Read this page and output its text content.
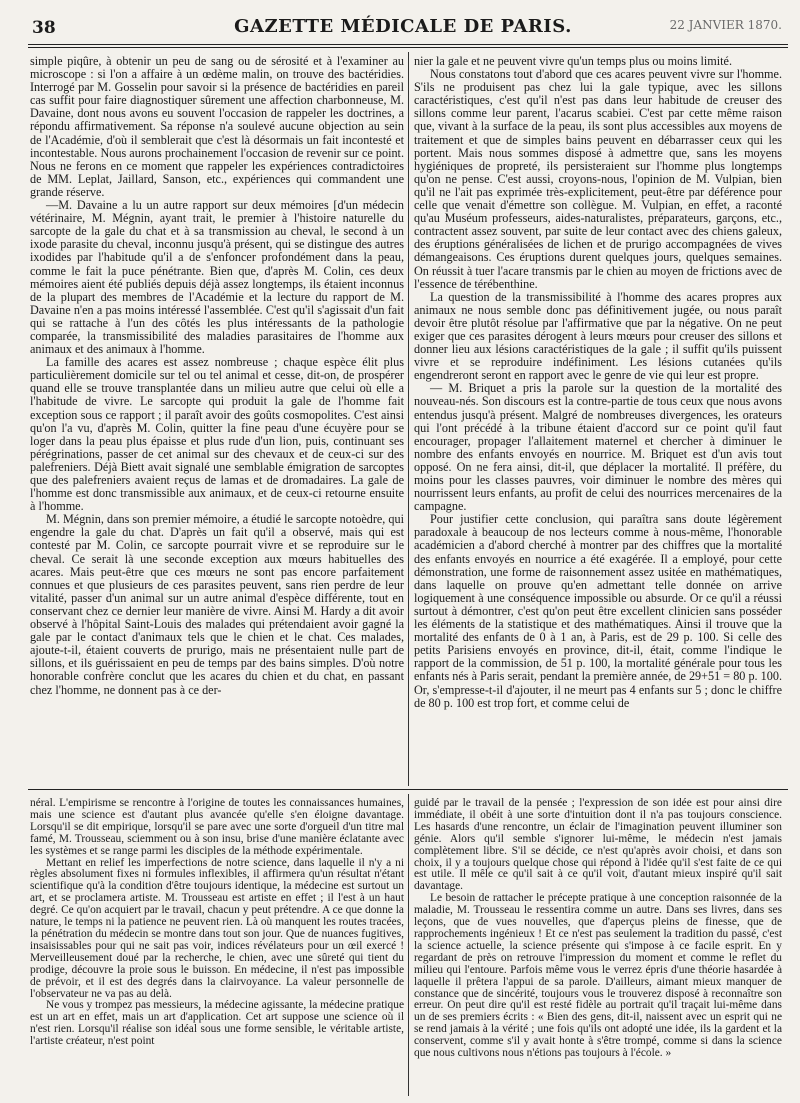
38	GAZETTE MÉDICALE DE PARIS.	22 JANVIER 1870.

simple piqûre, à obtenir un peu de sang ou de sérosité et à l'examiner au microscope : si l'on a affaire à un œdème malin, on trouve des bactéridies. Interrogé par M. Gosselin pour savoir si la présence de bactéridies en pareil cas suffit pour faire diagnostiquer sûrement une affection charbonneuse, M. Davaine, dont nous avons eu souvent l'occasion de rappeler les doctrines, a répondu affirmativement. Sa réponse n'a soulevé aucune objection au sein de l'Académie, d'où il semblerait que c'est là désormais un fait incontesté et incontestable. Nous aurons prochainement l'occasion de revenir sur ce point. Nous ne ferons en ce moment que rappeler les expériences contradictoires de MM. Leplat, Jaillard, Sanson, etc., expériences qui commandent une grande réserve.

—M. Davaine a lu un autre rapport sur deux mémoires [d'un médecin vétérinaire, M. Mégnin, ayant trait, le premier à l'histoire naturelle du sarcopte de la gale du chat et à sa transmission au cheval, le second à un ixode parasite du cheval, inconnu jusqu'à présent, qui se distingue des autres ixodides par l'habitude qu'il a de s'enfoncer profondément dans la peau, comme le fait la puce pénétrante. Bien que, d'après M. Colin, ces deux mémoires aient été publiés depuis déjà assez longtemps, ils étaient inconnus de la plupart des membres de l'Académie et la lecture du rapport de M. Davaine n'en a pas moins intéressé l'assemblée. C'est qu'il s'agissait d'un fait qui se rattache à l'un des côtés les plus intéressants de la pathologie comparée, la transmissibilité des maladies parasitaires de l'homme aux animaux et des animaux à l'homme.

La famille des acares est assez nombreuse ; chaque espèce élit plus particulièrement domicile sur tel ou tel animal et cesse, dit-on, de prospérer quand elle se trouve transplantée dans un milieu autre que celui où elle a l'habitude de vivre. Le sarcopte qui produit la gale de l'homme fait exception sous ce rapport ; il paraît avoir des goûts cosmopolites. C'est ainsi qu'on l'a vu, d'après M. Colin, quitter la fine peau d'une écuyère pour se loger dans la peau plus épaisse et plus rude d'un lion, puis, continuant ses pérégrinations, passer de cet animal sur des chevaux et de ceux-ci sur des palefreniers. Déjà Biett avait signalé une semblable émigration de sarcoptes que des palefreniers avaient reçus de lamas et de dromadaires. La gale de l'homme est donc transmissible aux animaux, et de ceux-ci retourne ensuite à l'homme.

M. Mégnin, dans son premier mémoire, a étudié le sarcopte notoèdre, qui engendre la gale du chat. D'après un fait qu'il a observé, mais qui est contesté par M. Colin, ce sarcopte pourrait vivre et se reproduire sur le cheval. Ce serait là une seconde exception aux mœurs habituelles des acares. Mais peut-être que ces mœurs ne sont pas encore parfaitement connues et que plusieurs de ces parasites peuvent, sans rien perdre de leur vitalité, passer d'un animal sur un autre animal d'espèce différente, tout en conservant chez ce dernier leur manière de vivre. Ainsi M. Hardy a dit avoir observé à l'hôpital Saint-Louis des malades qui prétendaient avoir gagné la gale par le contact d'animaux tels que le chien et le chat. Ces malades, ajoute-t-il, étaient couverts de prurigo, mais ne présentaient nulle part de sillons, et ils guérissaient en peu de temps par des bains simples. D'où notre honorable confrère conclut que les acares du chien et du chat, en passant chez l'homme, ne donnent pas à ce der-

nier la gale et ne peuvent vivre qu'un temps plus ou moins limité.

Nous constatons tout d'abord que ces acares peuvent vivre sur l'homme. S'ils ne produisent pas chez lui la gale typique, avec les sillons caractéristiques, c'est qu'il n'est pas dans leur habitude de creuser des sillons comme leur parent, l'acarus scabiei. C'est par cette même raison que, vivant à la surface de la peau, ils sont plus accessibles aux moyens de traitement et que de simples bains peuvent en débarrasser ceux qui les portent. Mais nous sommes disposé à admettre que, sans les moyens hygiéniques de propreté, ils persisteraient sur l'homme plus longtemps qu'on ne pense. C'est aussi, croyons-nous, l'opinion de M. Vulpian, bien qu'il ne l'ait pas exprimée très-explicitement, peut-être par déférence pour celle que venait d'émettre son collègue. M. Vulpian, en effet, a raconté qu'au Muséum professeurs, aides-naturalistes, préparateurs, garçons, etc., contractent assez souvent, par suite de leur contact avec des chiens galeux, des éruptions généralisées de lichen et de prurigo accompagnées de vives démangeaisons. Ces éruptions durent quelques jours, quelques semaines. On réussit à tuer l'acare transmis par le chien au moyen de frictions avec de l'essence de térébenthine.

La question de la transmissibilité à l'homme des acares propres aux animaux ne nous semble donc pas définitivement jugée, ou nous paraît devoir être plutôt résolue par l'affirmative que par la négative. On ne peut exiger que ces parasites dérogent à leurs mœurs pour creuser des sillons et donner lieu aux lésions caractéristiques de la gale ; il suffit qu'ils puissent vivre et se reproduire indéfiniment. Les lésions cutanées qu'ils engendreront seront en rapport avec le genre de vie qui leur est propre.

— M. Briquet a pris la parole sur la question de la mortalité des nouveau-nés. Son discours est la contre-partie de tous ceux que nous avons entendus jusqu'à présent. Malgré de nombreuses divergences, les orateurs qui l'ont précédé à la tribune étaient d'accord sur ce point qu'il faut encourager, propager l'allaitement maternel et chercher à diminuer le nombre des enfants envoyés en nourrice. M. Briquet est d'un avis tout opposé. On ne fera ainsi, dit-il, que déplacer la mortalité. Il préfère, du moins pour les classes pauvres, voir diminuer le nombre des mères qui nourrissent leurs enfants, au profit de celui des nourrices mercenaires de la campagne.

Pour justifier cette conclusion, qui paraîtra sans doute légèrement paradoxale à beaucoup de nos lecteurs comme à nous-même, l'honorable académicien a d'abord cherché à montrer par des chiffres que la mortalité des enfants envoyés en nourrice a été exagérée. Il a employé, pour cette démonstration, une forme de raisonnement assez usitée en mathématiques, dans laquelle on prouve qu'en admettant telle donnée on arrive logiquement à une conséquence impossible ou absurde. Or ce qu'il a réussi surtout à démontrer, c'est qu'on peut être excellent clinicien sans posséder les éléments de la statistique et des mathématiques. Ainsi il trouve que la mortalité des enfants de 0 à 1 an, à Paris, est de 29 p. 100. Si celle des petits Parisiens envoyés en province, dit-il, était, comme l'indique le rapport de la commission, de 51 p. 100, la mortalité générale pour tous les enfants nés à Paris serait, pendant la première année, de 29+51 = 80 p. 100. Or, s'empresse-t-il d'ajouter, il ne meurt pas 4 enfants sur 5 ; donc le chiffre de 80 p. 100 est trop fort, et comme celui de

néral. L'empirisme se rencontre à l'origine de toutes les connaissances humaines, mais une science est d'autant plus avancée qu'elle s'en éloigne davantage. Lorsqu'il se dit empirique, lorsqu'il se pare avec une sorte d'orgueil d'un titre mal famé, M. Trousseau, sciemment ou à son insu, brise d'une manière éclatante avec les systèmes et se range parmi les disciples de la méthode expérimentale.

Mettant en relief les imperfections de notre science, dans laquelle il n'y a ni règles absolument fixes ni formules inflexibles, il affirmera qu'un résultat n'étant scientifique qu'à la condition d'être toujours identique, la médecine est surtout un art, et se proclamera artiste. M. Trousseau est artiste en effet ; il l'est à un haut degré. Ce qu'on acquiert par le travail, chacun y peut prétendre. A ce que donne la nature, le temps ni la patience ne peuvent rien. Là où manquent les routes tracées, la pénétration du médecin se montre dans tout son jour. Que de nuances fugitives, insaisissables pour qui ne sait pas voir, indices révélateurs pour un œil exercé ! Merveilleusement doué par la recherche, le chien, avec une sûreté qui tient du prodige, découvre la proie sous le buisson. En médecine, il n'est pas impossible de prévoir, et il est des degrés dans la clairvoyance. La valeur personnelle de l'observateur ne va pas au delà.

Ne vous y trompez pas messieurs, la médecine agissante, la médecine pratique est un art en effet, mais un art d'application. Cet art suppose une science où il n'est rien. Lorsqu'il réalise son idéal sous une forme sensible, le véritable artiste, l'artiste créateur, n'est point

guidé par le travail de la pensée ; l'expression de son idée est pour ainsi dire immédiate, il obéit à une sorte d'intuition dont il n'a pas toujours conscience. Les hasards d'une rencontre, un éclair de l'imagination peuvent illuminer son génie. Alors qu'il semble s'ignorer lui-même, le médecin n'est jamais complètement libre. S'il se décide, ce n'est qu'après avoir choisi, et dans son choix, il y a toujours quelque chose qui répond à l'idée qu'il s'est faite de ce qui est utile. Il mêle ce qu'il sait à ce qu'il voit, d'autant mieux inspiré qu'il sait davantage.

Le besoin de rattacher le précepte pratique à une conception raisonnée de la maladie, M. Trousseau le ressentira comme un autre. Dans ses livres, dans ses leçons, que de vues nouvelles, que d'aperçus pleins de finesse, que de rapprochements ingénieux ! Et ce n'est pas seulement la tradition du passé, c'est la science actuelle, la science présente qui s'impose à ce facile esprit. En y regardant de près on retrouve l'impression du moment et comme le reflet du milieu qui l'entoure. Parfois même vous le verrez épris d'une théorie hasardée à laquelle il prêtera l'appui de sa parole. D'ailleurs, aimant mieux manquer de constance que de sincérité, toujours vous le trouverez disposé à reconnaître son erreur. On peut dire qu'il est resté fidèle au portrait qu'il traçait lui-même dans un de ses premiers écrits : « Bien des gens, dit-il, naissent avec un esprit qui ne se rend jamais à la vérité ; une fois qu'ils ont adopté une idée, ils la gardent et la conservent, comme s'il y avait honte à s'être trompé, comme si dans la science que nous cultivons nous n'étions pas toujours à l'école. »
